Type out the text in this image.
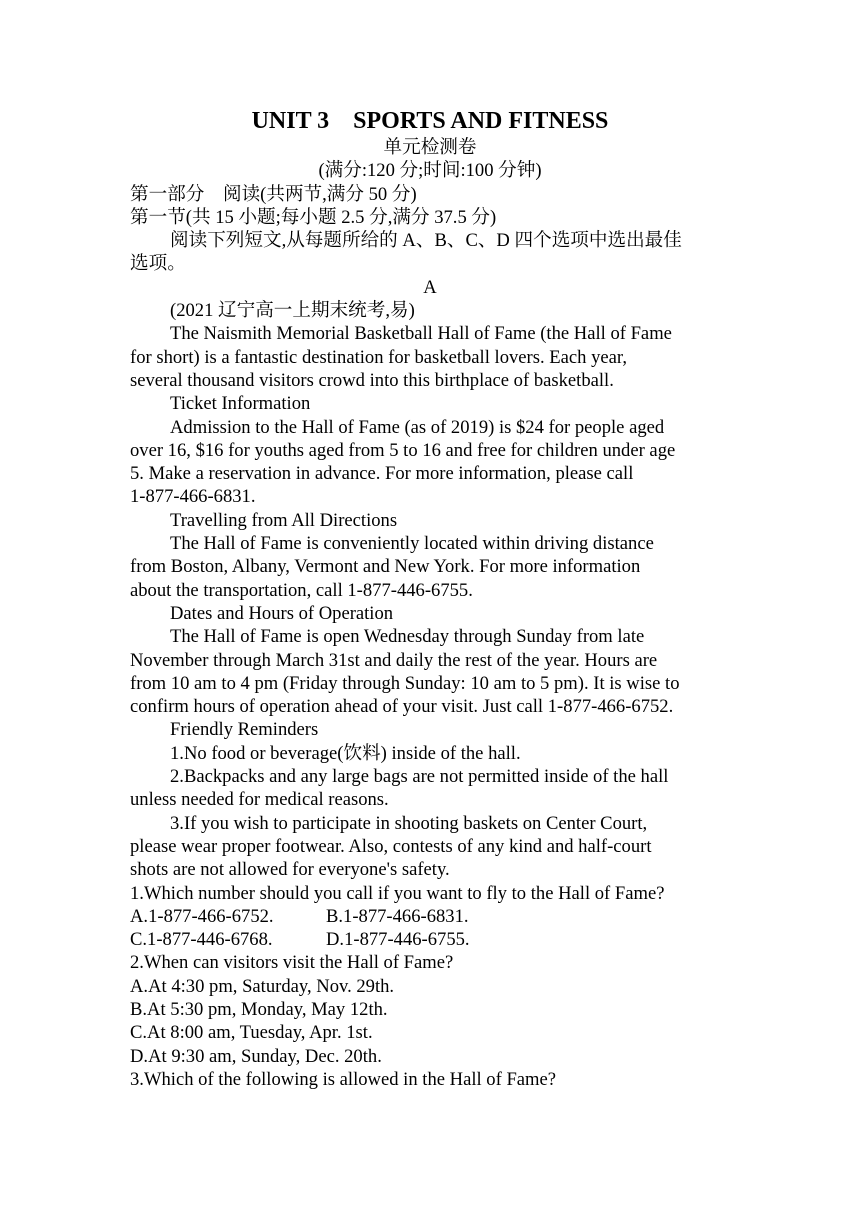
UNIT 3    SPORTS AND FITNESS
单元检测卷
(满分:120 分;时间:100 分钟)
第一部分    阅读(共两节,满分 50 分)
第一节(共 15 小题;每小题 2.5 分,满分 37.5 分)
阅读下列短文,从每题所给的 A、B、C、D 四个选项中选出最佳
选项。
A
(2021 辽宁高一上期末统考,易)
The Naismith Memorial Basketball Hall of Fame (the Hall of Fame
for short) is a fantastic destination for basketball lovers. Each year,
several thousand visitors crowd into this birthplace of basketball.
Ticket Information
Admission to the Hall of Fame (as of 2019) is $24 for people aged
over 16, $16 for youths aged from 5 to 16 and free for children under age
5. Make a reservation in advance. For more information, please call
1-877-466-6831.
Travelling from All Directions
The Hall of Fame is conveniently located within driving distance
from Boston, Albany, Vermont and New York. For more information
about the transportation, call 1-877-446-6755.
Dates and Hours of Operation
The Hall of Fame is open Wednesday through Sunday from late
November through March 31st and daily the rest of the year. Hours are
from 10 am to 4 pm (Friday through Sunday: 10 am to 5 pm). It is wise to
confirm hours of operation ahead of your visit. Just call 1-877-466-6752.
Friendly Reminders
1.No food or beverage(饮料) inside of the hall.
2.Backpacks and any large bags are not permitted inside of the hall
unless needed for medical reasons.
3.If you wish to participate in shooting baskets on Center Court,
please wear proper footwear. Also, contests of any kind and half-court
shots are not allowed for everyone's safety.
1.Which number should you call if you want to fly to the Hall of Fame?
A.1-877-466-6752.	B.1-877-466-6831.
C.1-877-446-6768.	D.1-877-446-6755.
2.When can visitors visit the Hall of Fame?
A.At 4:30 pm, Saturday, Nov. 29th.
B.At 5:30 pm, Monday, May 12th.
C.At 8:00 am, Tuesday, Apr. 1st.
D.At 9:30 am, Sunday, Dec. 20th.
3.Which of the following is allowed in the Hall of Fame?
